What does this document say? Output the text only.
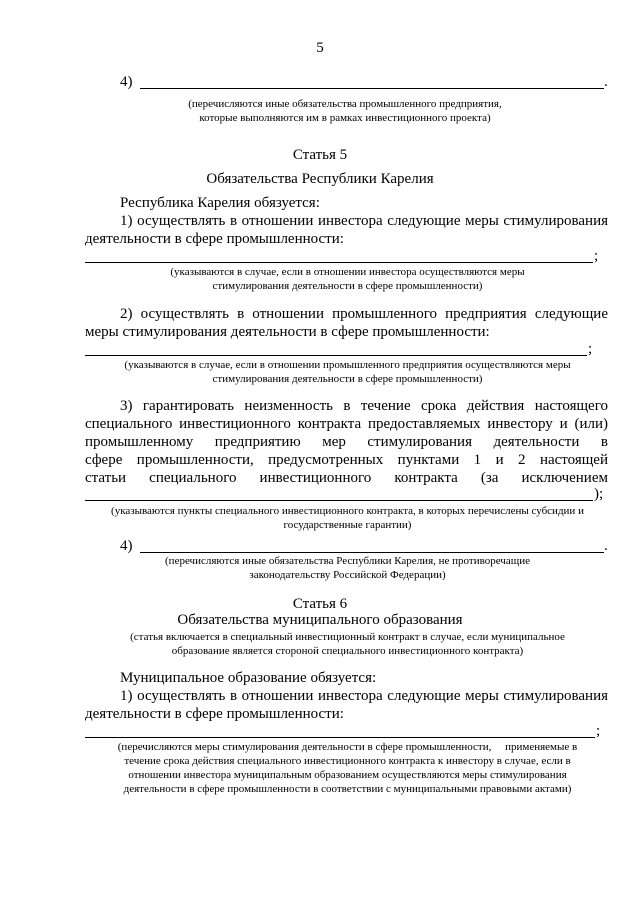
5
4)	.
(перечисляются иные обязательства промышленного предприятия,
которые выполняются им в рамках инвестиционного проекта)
Статья 5
Обязательства Республики Карелия
Республика Карелия обязуется:
1) осуществлять в отношении инвестора следующие меры стимулирования
деятельности в сфере промышленности:
;
(указываются в случае, если в отношении инвестора осуществляются меры
стимулирования деятельности в сфере промышленности)
2) осуществлять в отношении промышленного предприятия следующие
меры стимулирования деятельности в сфере промышленности:
;
(указываются в случае, если в отношении промышленного предприятия осуществляются меры
стимулирования деятельности в сфере промышленности)
3) гарантировать неизменность в течение срока действия настоящего
специального инвестиционного контракта предоставляемых инвестору и (или)
промышленному предприятию мер стимулирования деятельности в
сфере промышленности, предусмотренных пунктами 1 и 2 настоящей
статьи специального инвестиционного контракта (за исключением
);
(указываются пункты специального инвестиционного контракта, в которых перечислены субсидии и
государственные гарантии)
4)	.
(перечисляются иные обязательства Республики Карелия, не противоречащие
законодательству Российской Федерации)
Статья 6
Обязательства муниципального образования
(статья включается в специальный инвестиционный контракт в случае, если муниципальное
образование является стороной специального инвестиционного контракта)
Муниципальное образование обязуется:
1) осуществлять в отношении инвестора следующие меры стимулирования
деятельности в сфере промышленности:
;
(перечисляются меры стимулирования деятельности в сфере промышленности,     применяемые в
течение срока действия специального инвестиционного контракта к инвестору в случае, если в
отношении инвестора муниципальным образованием осуществляются меры стимулирования
деятельности в сфере промышленности в соответствии с муниципальными правовыми актами)
